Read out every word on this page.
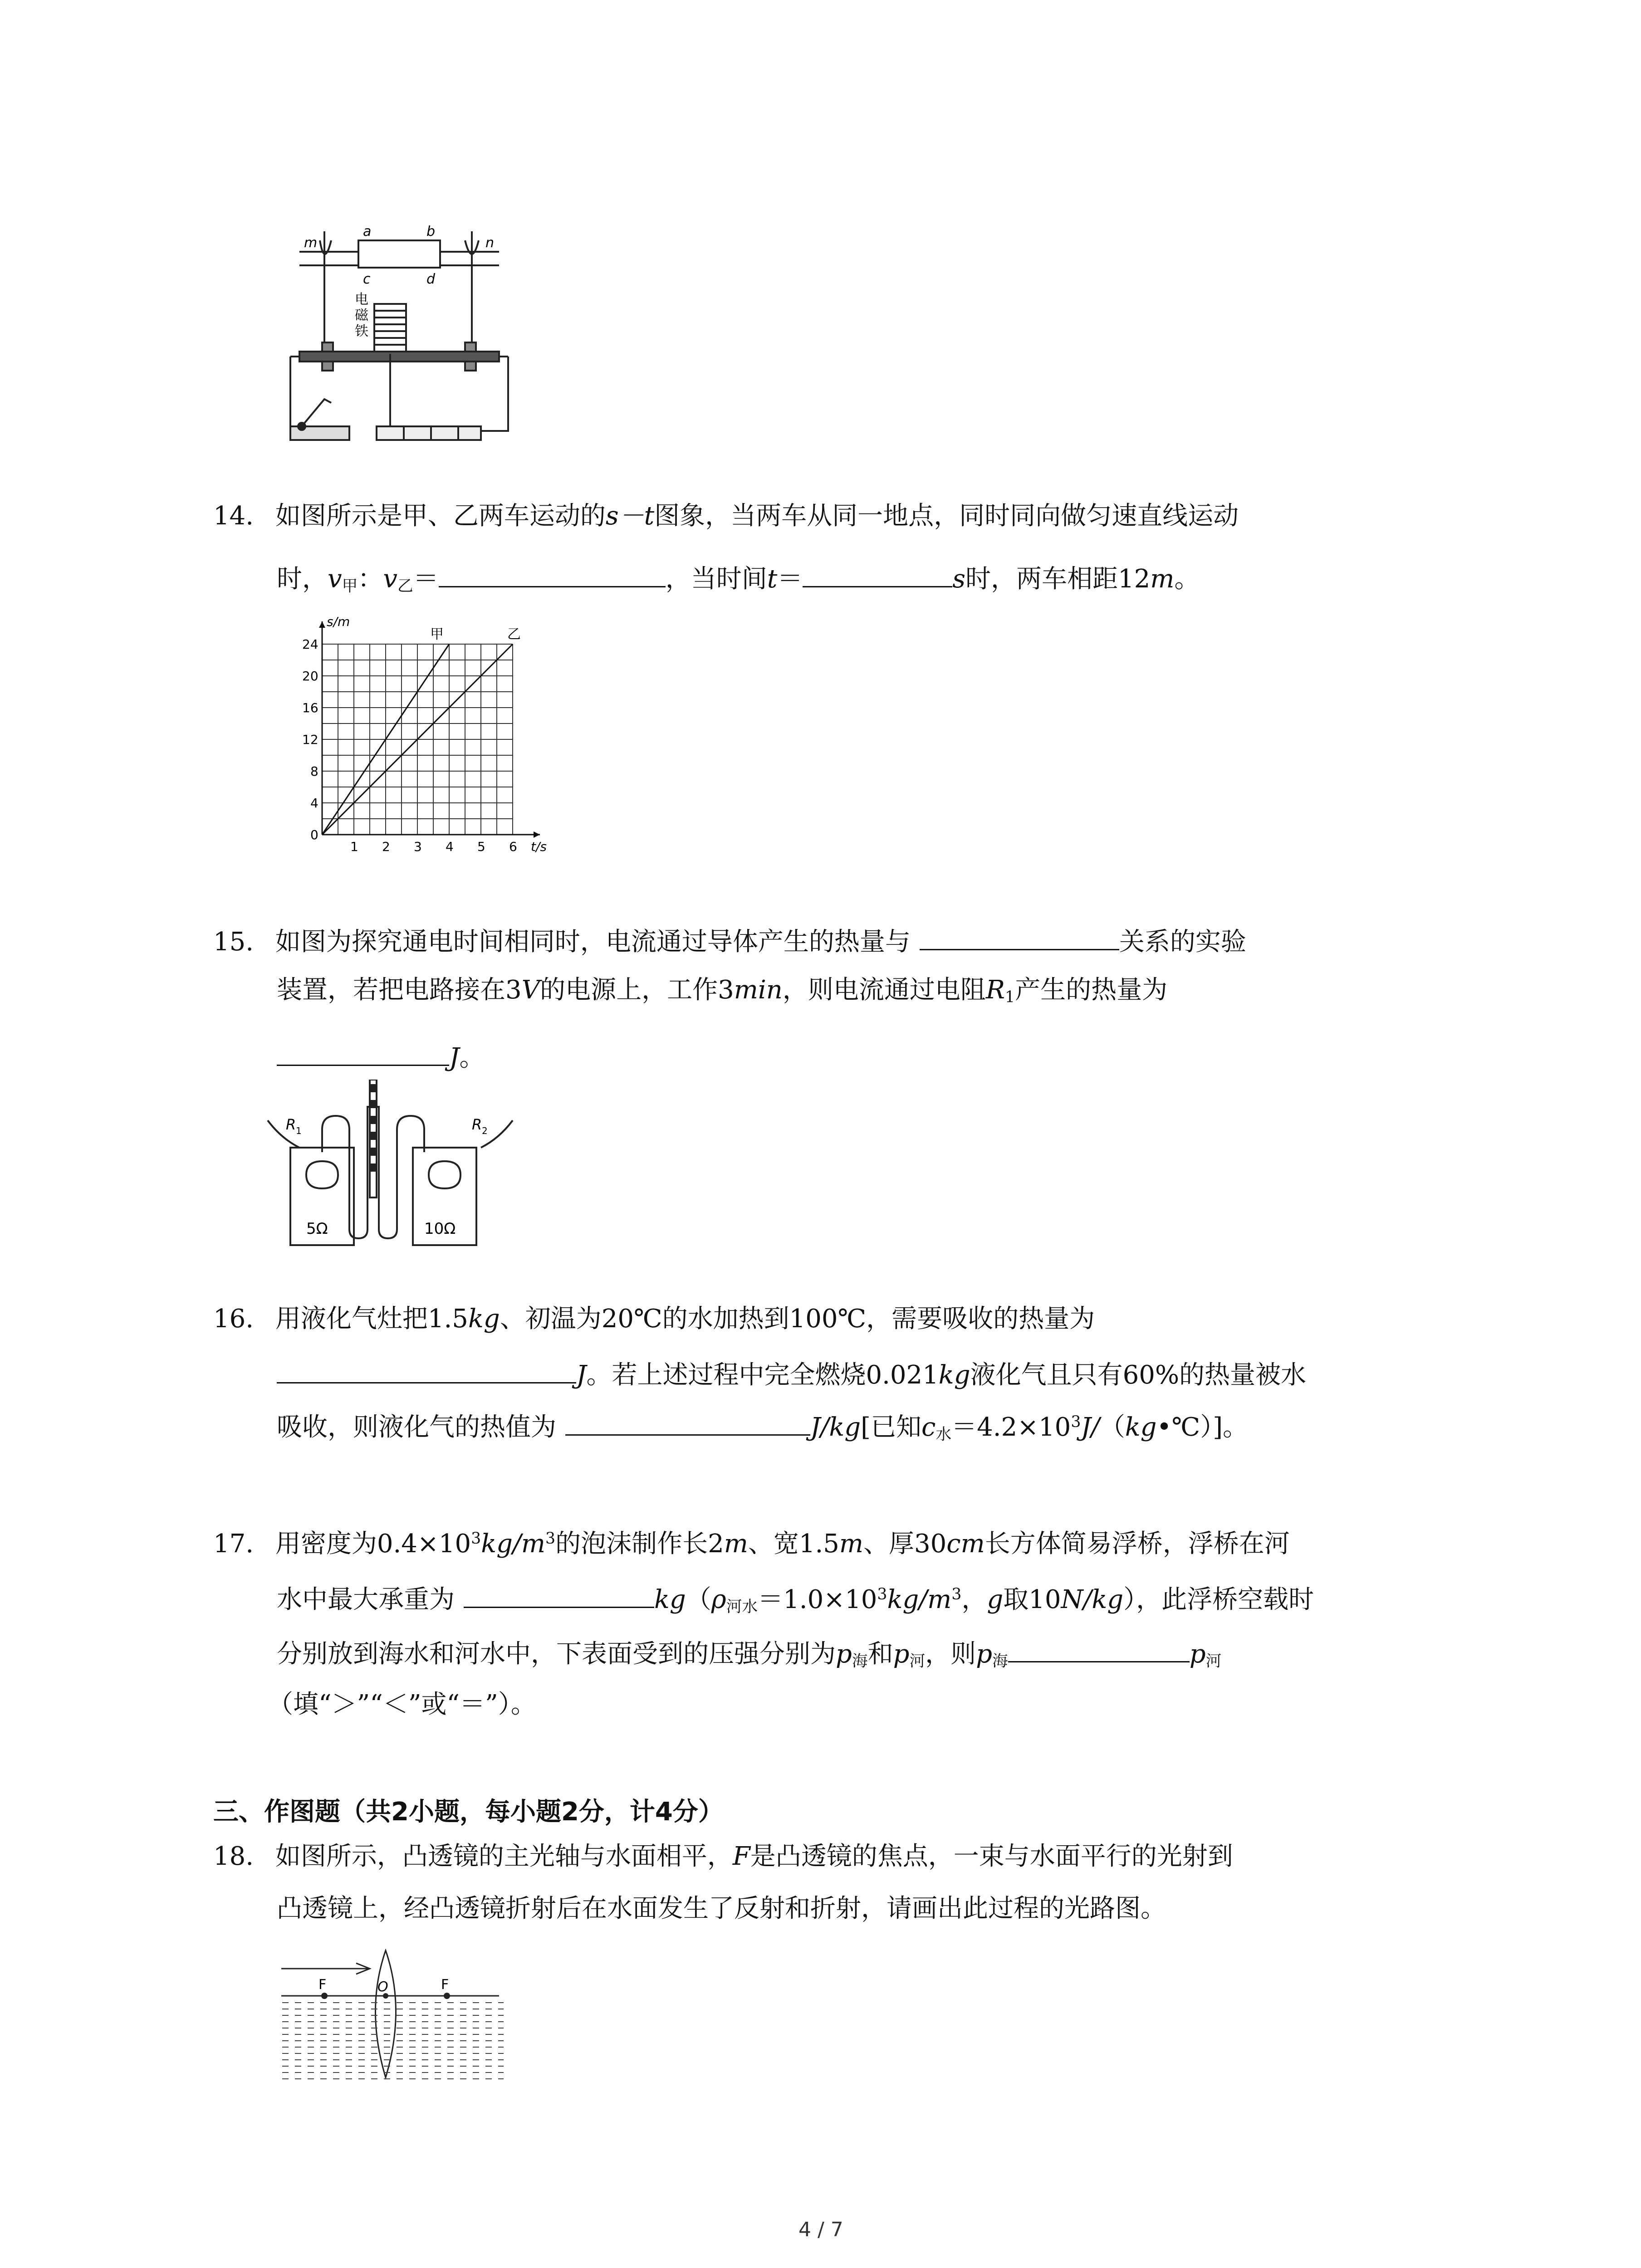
m
a	b
n
c	d
电
磁
铁
14. 如图所示是甲、乙两车运动的s－t图象，当两车从同一地点，同时同向做匀速直线运动
时，$v_甲$：$v_乙=$	，当时间t＝	s时，两车相距12m。
甲	乙
1 2 3 4 5 6
0
4
8
12
16
20
24
t/s
s/m
15. 如图为探究通电时间相同时，电流通过导体产生的热量与	关系的实验
装置，若把电路接在3V的电源上，工作3min，则电流通过电阻$R_1$产生的热量为
J。
R 1	R 2
5Ω	10Ω
16. 用液化气灶把1.5kg、初温为20℃的水加热到100℃，需要吸收的热量为
J。若上述过程中完全燃烧0.021kg液化气且只有60%的热量被水
吸收，则液化气的热值为	J/kg[已知$c_水=4.2\times 10^3J/(kg•℃)$]。
17. 用密度为$0.4\times 10^3kg/m^3$的泡沫制作长2m、宽1.5m、厚30cm长方体简易浮桥，浮桥在河
水中最大承重为	$kg(\rho_{河水}=1.0\times 10^3kg/m^3$，g取10N/kg），此浮桥空载时
分别放到海水和河水中，下表面受到的压强分别为$p_海$和$p_河$，则$p_海$	$p_河$
（填“＞”“＜”或“＝”）。
三、作图题（共2小题，每小题2分，计4分）
18. 如图所示，凸透镜的主光轴与水面相平，F是凸透镜的焦点，一束与水面平行的光射到
凸透镜上，经凸透镜折射后在水面发生了反射和折射，请画出此过程的光路图。
F	O	F
4 / 7
